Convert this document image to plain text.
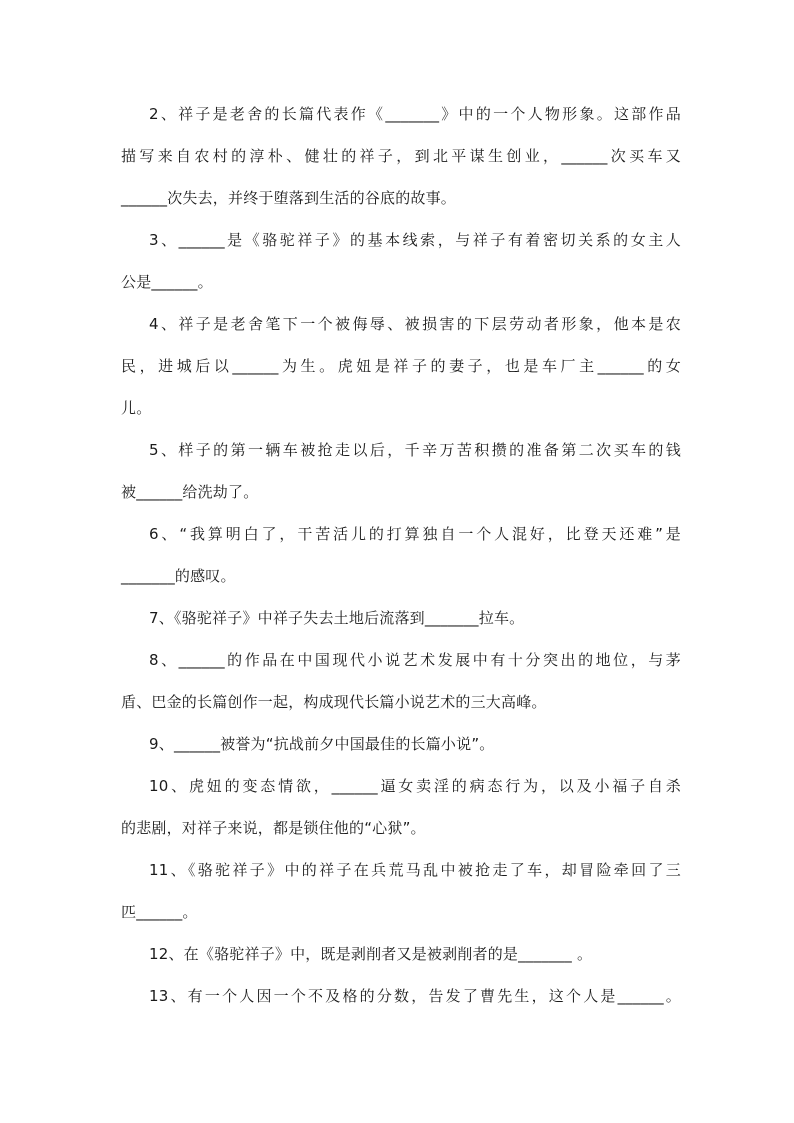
2、祥子是老舍的长篇代表作《_______》中的一个人物形象。这部作品
描写来自农村的淳朴、健壮的祥子，到北平谋生创业，______次买车又
______次失去，并终于堕落到生活的谷底的故事。
3、______是《骆驼祥子》的基本线索，与祥子有着密切关系的女主人
公是______。
4、祥子是老舍笔下一个被侮辱、被损害的下层劳动者形象，他本是农
民，进城后以______为生。虎妞是祥子的妻子，也是车厂主______的女
儿。
5、样子的第一辆车被抢走以后，千辛万苦积攒的准备第二次买车的钱
被______给洗劫了。
6、“我算明白了，干苦活儿的打算独自一个人混好，比登天还难”是
_______的感叹。
7、《骆驼祥子》中祥子失去土地后流落到_______拉车。
8、______的作品在中国现代小说艺术发展中有十分突出的地位，与茅
盾、巴金的长篇创作一起，构成现代长篇小说艺术的三大高峰。
9、______被誉为“抗战前夕中国最佳的长篇小说”。
10、虎妞的变态情欲，______逼女卖淫的病态行为，以及小福子自杀
的悲剧，对祥子来说，都是锁住他的“心狱”。
11、《骆驼祥子》中的祥子在兵荒马乱中被抢走了车，却冒险牵回了三
匹______。
12、在《骆驼祥子》中，既是剥削者又是被剥削者的是_______ 。
13、有一个人因一个不及格的分数，告发了曹先生，这个人是______。
